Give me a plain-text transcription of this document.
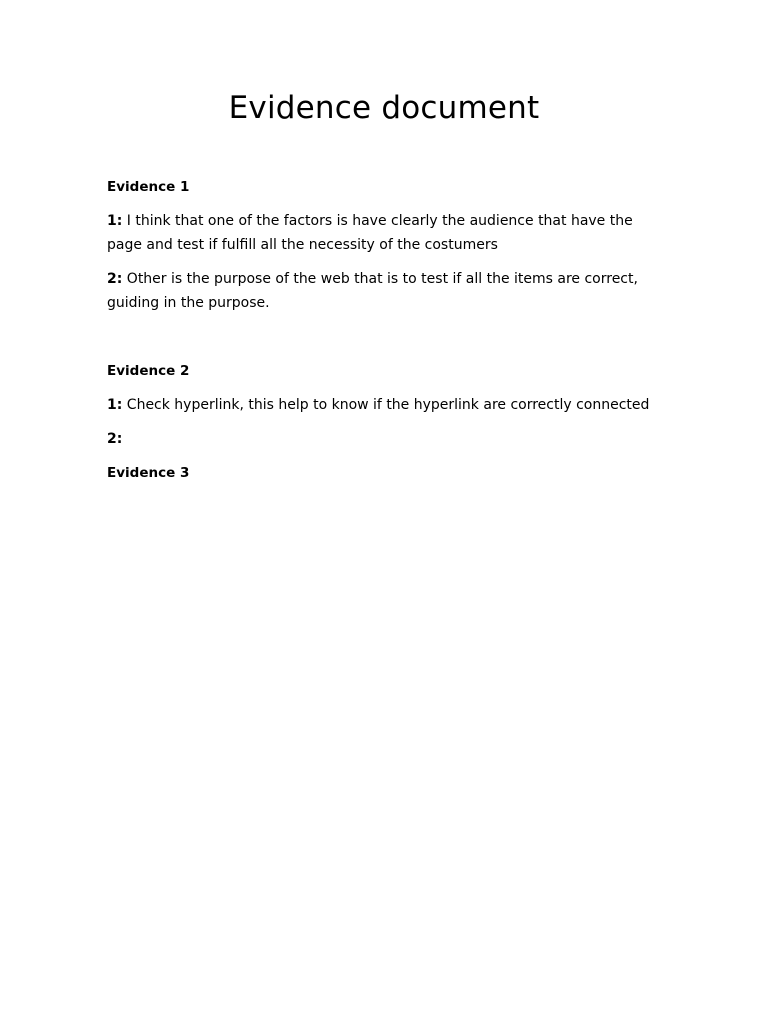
Evidence document

Evidence 1

1: I think that one of the factors is have clearly the audience that have the
page and test if fulfill all the necessity of the costumers

2: Other is the purpose of the web that is to test if all the items are correct,
guiding in the purpose.

Evidence 2

1: Check hyperlink, this help to know if the hyperlink are correctly connected

2:

Evidence 3
